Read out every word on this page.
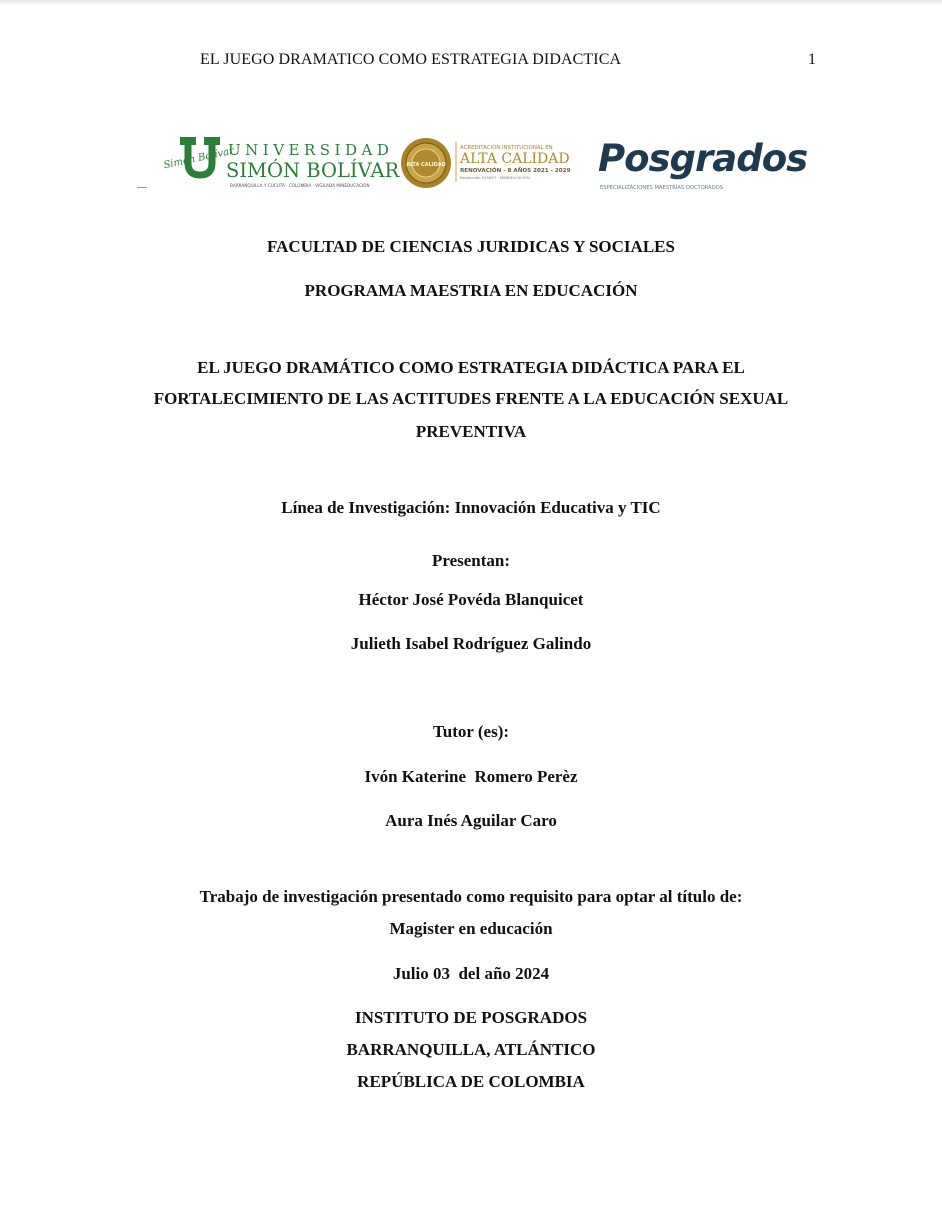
EL JUEGO DRAMATICO COMO ESTRATEGIA DIDACTICA	1
Simón Bolívar
UNIVERSIDAD
SIMÓN BOLÍVAR
BARRANQUILLA Y CÚCUTA · COLOMBIA · VIGILADA MINEDUCACIÓN
ALTA CALIDAD
ACREDITACIÓN INSTITUCIONAL EN
ALTA CALIDAD
RENOVACIÓN - 8 AÑOS 2021 - 2029
Resolución 015637 · MINEDUCACIÓN Posgrados
ESPECIALIZACIONES MAESTRÍAS DOCTORADOS
FACULTAD DE CIENCIAS JURIDICAS Y SOCIALES
PROGRAMA MAESTRIA EN EDUCACIÓN
EL JUEGO DRAMÁTICO COMO ESTRATEGIA DIDÁCTICA PARA EL
FORTALECIMIENTO DE LAS ACTITUDES FRENTE A LA EDUCACIÓN SEXUAL
PREVENTIVA
Línea de Investigación: Innovación Educativa y TIC
Presentan:
Héctor José Povéda Blanquicet
Julieth Isabel Rodríguez Galindo
Tutor (es):
Ivón Katerine  Romero Perèz
Aura Inés Aguilar Caro
Trabajo de investigación presentado como requisito para optar al título de:
Magister en educación
Julio 03  del año 2024
INSTITUTO DE POSGRADOS
BARRANQUILLA, ATLÁNTICO
REPÚBLICA DE COLOMBIA
